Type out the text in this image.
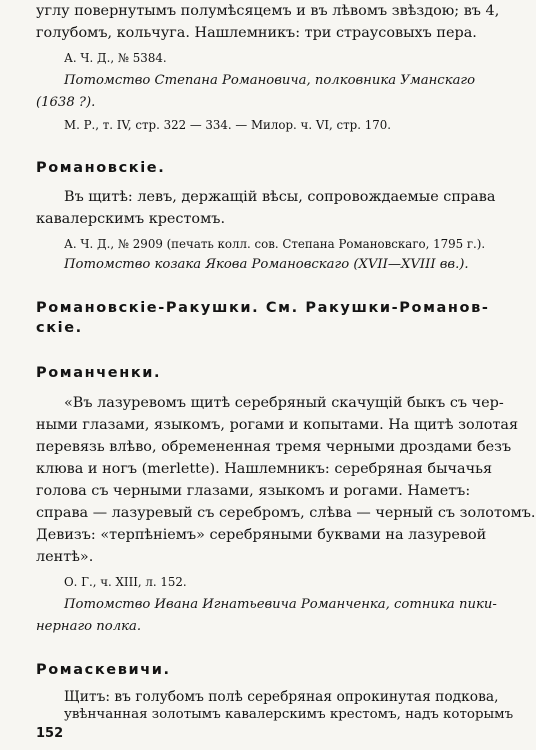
углу повернутымъ полумѣсяцемъ и въ лѣвомъ звѣздою; въ 4,
голубомъ, кольчуга. Нашлемникъ: три страусовыхъ пера.
А. Ч. Д., № 5384.
Потомство Степана Романовича, полковника Уманскаго
(1638 ?).
М. Р., т. IV, стр. 322 — 334. — Милор. ч. VI, стр. 170.
Романовскіе.
Въ щитѣ: левъ, держащій вѣсы, сопровождаемые справа
кавалерскимъ крестомъ.
А. Ч. Д., № 2909 (печать колл. сов. Степана Романовскаго, 1795 г.).
Потомство козака Якова Романовскаго (XVII—XVIII вв.).
Романовскіе-Ракушки. См. Ракушки-Романов-
скіе.
Романченки.
«Въ лазуревомъ щитѣ серебряный скачущій быкъ съ чер-
ными глазами, языкомъ, рогами и копытами. На щитѣ золотая
перевязь влѣво, обремененная тремя черными дроздами безъ
клюва и ногъ (merlette). Нашлемникъ: серебряная бычачья
голова съ черными глазами, языкомъ и рогами. Наметъ:
справа — лазуревый съ серебромъ, слѣва — черный съ золотомъ.
Девизъ: «терпѣніемъ» серебряными буквами на лазуревой
лентѣ».
О. Г., ч. XIII, л. 152.
Потомство Ивана Игнатьевича Романченка, сотника пики-
нернаго полка.
Ромаскевичи.
Щитъ: въ голубомъ полѣ серебряная опрокинутая подкова,
увѣнчанная золотымъ кавалерскимъ крестомъ, надъ которымъ
152
